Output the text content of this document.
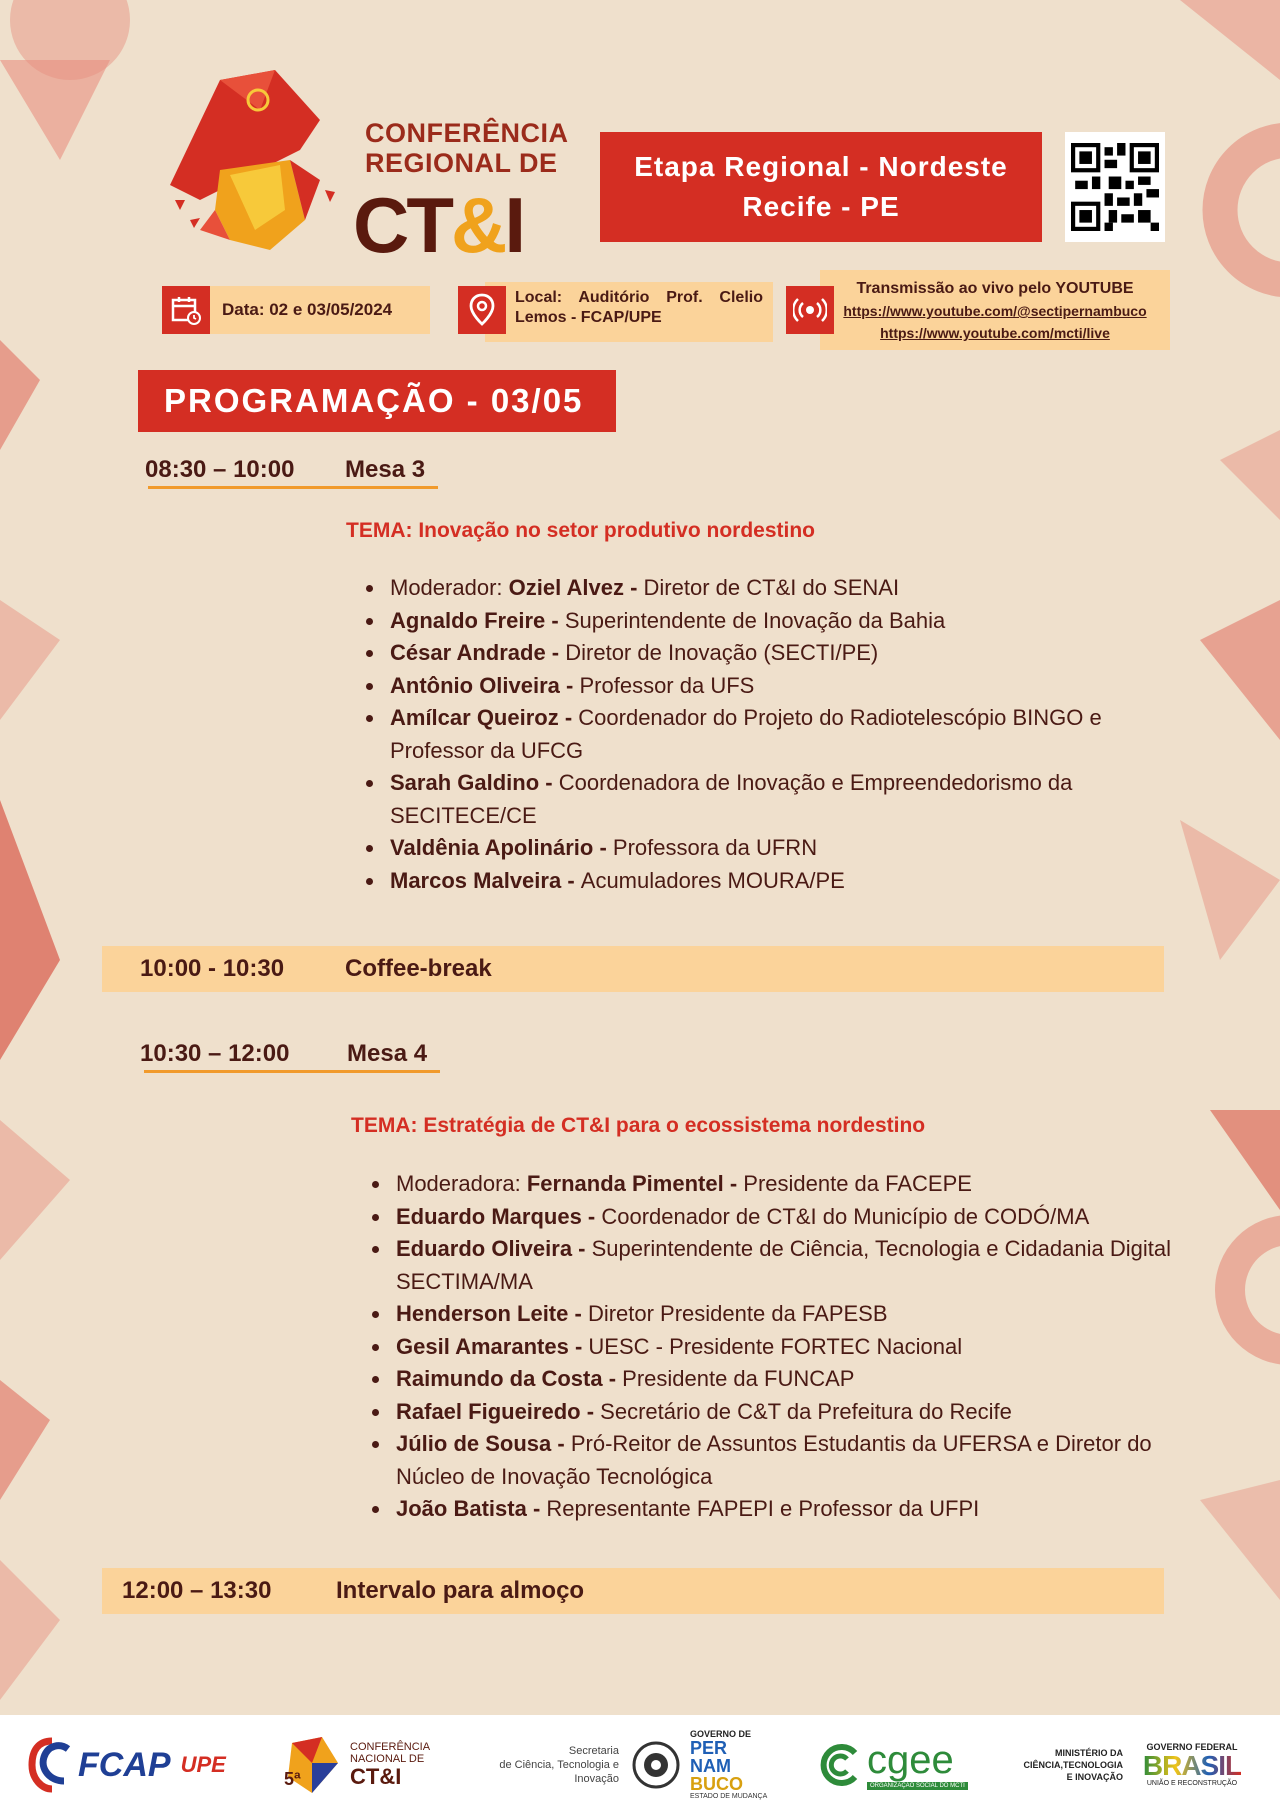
CONFERÊNCIA
REGIONAL DE
CT&I
Etapa Regional - Nordeste
Recife - PE
Data: 02 e 03/05/2024
Local: Auditório Prof. Clelio Lemos - FCAP/UPE
Transmissão ao vivo pelo YOUTUBE
https://www.youtube.com/@sectipernambuco
https://www.youtube.com/mcti/live
PROGRAMAÇÃO - 03/05
08:30 – 10:00 Mesa 3
TEMA: Inovação no setor produtivo nordestino
• Moderador: Oziel Alvez - Diretor de CT&I do SENAI
• Agnaldo Freire - Superintendente de Inovação da Bahia
• César Andrade - Diretor de Inovação (SECTI/PE)
• Antônio Oliveira - Professor da UFS
• Amílcar Queiroz - Coordenador do Projeto do Radiotelescópio BINGO e Professor da UFCG
• Sarah Galdino - Coordenadora de Inovação e Empreendedorismo da SECITECE/CE
• Valdênia Apolinário - Professora da UFRN
• Marcos Malveira - Acumuladores MOURA/PE
10:00 - 10:30	Coffee-break
10:30 – 12:00 Mesa 4
TEMA: Estratégia de CT&I para o ecossistema nordestino
• Moderadora: Fernanda Pimentel - Presidente da FACEPE
• Eduardo Marques - Coordenador de CT&I do Município de CODÓ/MA
• Eduardo Oliveira - Superintendente de Ciência, Tecnologia e Cidadania Digital SECTIMA/MA
• Henderson Leite - Diretor Presidente da FAPESB
• Gesil Amarantes - UESC - Presidente FORTEC Nacional
• Raimundo da Costa - Presidente da FUNCAP
• Rafael Figueiredo - Secretário de C&T da Prefeitura do Recife
• Júlio de Sousa - Pró-Reitor de Assuntos Estudantis da UFERSA e Diretor do Núcleo de Inovação Tecnológica
• João Batista - Representante FAPEPI e Professor da UFPI
12:00 – 13:30	Intervalo para almoço
FCAP UPE
5ª
CONFERÊNCIA
NACIONAL DE
CT&I
Secretaria
de Ciência, Tecnologia e
Inovação
GOVERNO DE
PER
NAM
BUCO
ESTADO DE MUDANÇA
cgee
ORGANIZAÇÃO SOCIAL DO MCTI
MINISTÉRIO DA
CIÊNCIA,TECNOLOGIA
E INOVAÇÃO
GOVERNO FEDERAL
BRASIL
UNIÃO E RECONSTRUÇÃO
